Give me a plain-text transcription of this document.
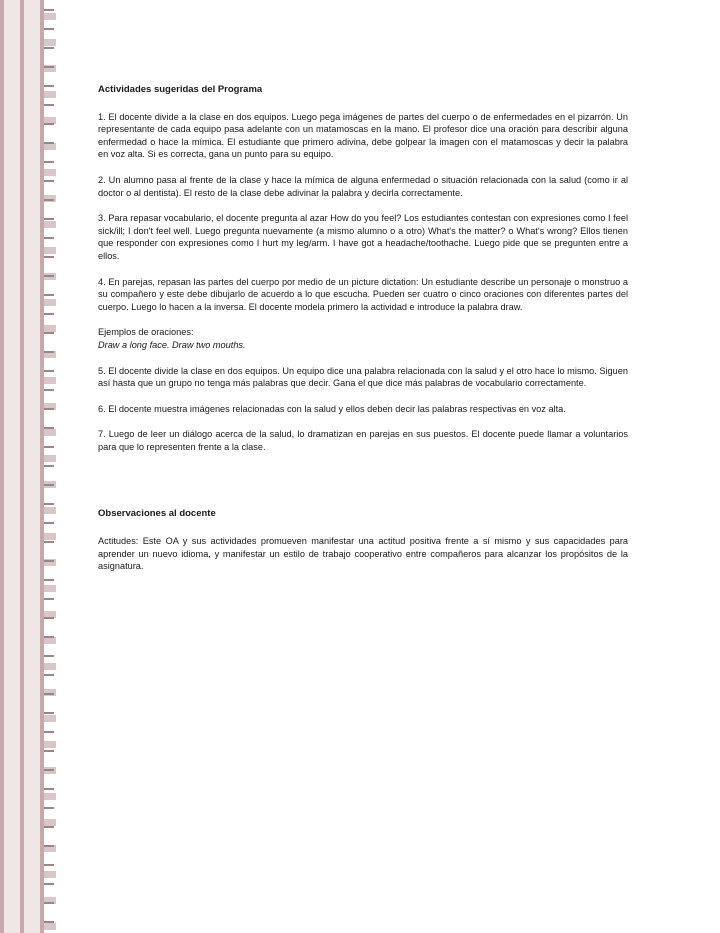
Actividades sugeridas del Programa

1. El docente divide a la clase en dos equipos. Luego pega imágenes de partes del cuerpo o de enfermedades en el pizarrón. Un representante de cada equipo pasa adelante con un matamoscas en la mano. El profesor dice una oración para describir alguna enfermedad o hace la mímica. El estudiante que primero adivina, debe golpear la imagen con el matamoscas y decir la palabra en voz alta. Si es correcta, gana un punto para su equipo.

2. Un alumno pasa al frente de la clase y hace la mímica de alguna enfermedad o situación relacionada con la salud (como ir al doctor o al dentista). El resto de la clase debe adivinar la palabra y decirla correctamente.

3. Para repasar vocabulario, el docente pregunta al azar How do you feel? Los estudiantes contestan con expresiones como I feel sick/ill; I don't feel well. Luego pregunta nuevamente (a mismo alumno o a otro) What's the matter? o What's wrong? Ellos tienen que responder con expresiones como I hurt my leg/arm. I have got a headache/toothache. Luego pide que se pregunten entre a ellos.

4. En parejas, repasan las partes del cuerpo por medio de un picture dictation: Un estudiante describe un personaje o monstruo a su compañero y este debe dibujarlo de acuerdo a lo que escucha. Pueden ser cuatro o cinco oraciones con diferentes partes del cuerpo. Luego lo hacen a la inversa. El docente modela primero la actividad e introduce la palabra draw.

Ejemplos de oraciones:

Draw a long face. Draw two mouths.

5. El docente divide la clase en dos equipos. Un equipo dice una palabra relacionada con la salud y el otro hace lo mismo. Siguen así hasta que un grupo no tenga más palabras que decir. Gana el que dice más palabras de vocabulario correctamente.

6. El docente muestra imágenes relacionadas con la salud y ellos deben decir las palabras respectivas en voz alta.

7. Luego de leer un diálogo acerca de la salud, lo dramatizan en parejas en sus puestos. El docente puede llamar a voluntarios para que lo representen frente a la clase.

Observaciones al docente

Actitudes: Este OA y sus actividades promueven manifestar una actitud positiva frente a sí mismo y sus capacidades para aprender un nuevo idioma, y manifestar un estilo de trabajo cooperativo entre compañeros para alcanzar los propósitos de la asignatura.
